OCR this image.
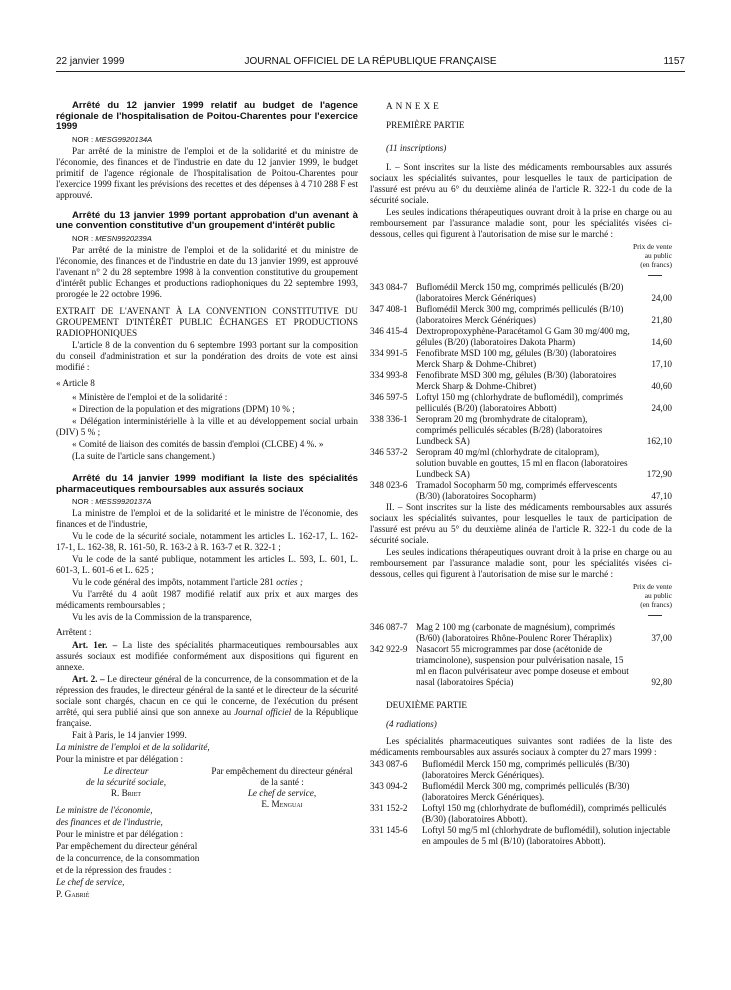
22 janvier 1999	JOURNAL OFFICIEL DE LA RÉPUBLIQUE FRANÇAISE	1157

Arrêté du 12 janvier 1999 relatif au budget de l'agence régionale de l'hospitalisation de Poitou-Charentes pour l'exercice 1999

NOR : MESG9920134A

Par arrêté de la ministre de l'emploi et de la solidarité et du ministre de l'économie, des finances et de l'industrie en date du 12 janvier 1999, le budget primitif de l'agence régionale de l'hospitalisation de Poitou-Charentes pour l'exercice 1999 fixant les prévisions des recettes et des dépenses à 4 710 288 F est approuvé.

Arrêté du 13 janvier 1999 portant approbation d'un avenant à une convention constitutive d'un groupement d'intérêt public

NOR : MESN9920239A

Par arrêté de la ministre de l'emploi et de la solidarité et du ministre de l'économie, des finances et de l'industrie en date du 13 janvier 1999, est approuvé l'avenant n° 2 du 28 septembre 1998 à la convention constitutive du groupement d'intérêt public Echanges et productions radiophoniques du 22 septembre 1993, prorogée le 22 octobre 1996.

EXTRAIT DE L'AVENANT À LA CONVENTION CONSTITUTIVE DU GROUPEMENT D'INTÉRÊT PUBLIC ÉCHANGES ET PRODUCTIONS RADIOPHONIQUES

L'article 8 de la convention du 6 septembre 1993 portant sur la composition du conseil d'administration et sur la pondération des droits de vote est ainsi modifié :

« Article 8

« Ministère de l'emploi et de la solidarité :

« Direction de la population et des migrations (DPM) 10 % ;

« Délégation interministérielle à la ville et au développement social urbain (DIV) 5 % ;

« Comité de liaison des comités de bassin d'emploi (CLCBE) 4 %. »

(La suite de l'article sans changement.)

Arrêté du 14 janvier 1999 modifiant la liste des spécialités pharmaceutiques remboursables aux assurés sociaux

NOR : MESS9920137A

La ministre de l'emploi et de la solidarité et le ministre de l'économie, des finances et de l'industrie,

Vu le code de la sécurité sociale, notamment les articles L. 162-17, L. 162-17-1, L. 162-38, R. 161-50, R. 163-2 à R. 163-7 et R. 322-1 ;

Vu le code de la santé publique, notamment les articles L. 593, L. 601, L. 601-3, L. 601-6 et L. 625 ;

Vu le code général des impôts, notamment l'article 281 octies ;

Vu l'arrêté du 4 août 1987 modifié relatif aux prix et aux marges des médicaments remboursables ;

Vu les avis de la Commission de la transparence,

Arrêtent :

Art. 1er. – La liste des spécialités pharmaceutiques remboursables aux assurés sociaux est modifiée conformément aux dispositions qui figurent en annexe.

Art. 2. – Le directeur général de la concurrence, de la consommation et de la répression des fraudes, le directeur général de la santé et le directeur de la sécurité sociale sont chargés, chacun en ce qui le concerne, de l'exécution du présent arrêté, qui sera publié ainsi que son annexe au Journal officiel de la République française.

Fait à Paris, le 14 janvier 1999.

La ministre de l'emploi et de la solidarité,

Pour la ministre et par délégation :

Le directeur
de la sécurité sociale,
R. Briet
Par empêchement du directeur général
de la santé :
Le chef de service,
E. Menguai

Le ministre de l'économie,

des finances et de l'industrie,

Pour le ministre et par délégation :

Par empêchement du directeur général

de la concurrence, de la consommation

et de la répression des fraudes :

Le chef de service,

P. Gabrié

ANNEXE

PREMIÈRE PARTIE

(11 inscriptions)

I. – Sont inscrites sur la liste des médicaments remboursables aux assurés sociaux les spécialités suivantes, pour lesquelles le taux de participation de l'assuré est prévu au 6° du deuxième alinéa de l'article R. 322-1 du code de la sécurité sociale.

Les seules indications thérapeutiques ouvrant droit à la prise en charge ou au remboursement par l'assurance maladie sont, pour les spécialités visées ci-dessous, celles qui figurent à l'autorisation de mise sur le marché :

Prix de vente
au public
(en francs)
343 084-7 Buflomédil Merck 150 mg, comprimés pelliculés (B/20) (laboratoires Merck Génériques)	24,00
347 408-1 Buflomédil Merck 300 mg, comprimés pelliculés (B/10) (laboratoires Merck Génériques)	21,80
346 415-4 Dextropropoxyphène-Paracétamol G Gam 30 mg/400 mg, gélules (B/20) (laboratoires Dakota Pharm)	14,60
334 991-5 Fenofibrate MSD 100 mg, gélules (B/30) (laboratoires Merck Sharp & Dohme-Chibret)	17,10
334 993-8 Fenofibrate MSD 300 mg, gélules (B/30) (laboratoires Merck Sharp & Dohme-Chibret)	40,60
346 597-5 Loftyl 150 mg (chlorhydrate de buflomédil), comprimés pelliculés (B/20) (laboratoires Abbott)	24,00
338 336-1 Seropram 20 mg (bromhydrate de citalopram), comprimés pelliculés sécables (B/28) (laboratoires Lundbeck SA)	162,10
346 537-2 Seropram 40 mg/ml (chlorhydrate de citalopram), solution buvable en gouttes, 15 ml en flacon (laboratoires Lundbeck SA)	172,90
348 023-6 Tramadol Socopharm 50 mg, comprimés effervescents (B/30) (laboratoires Socopharm)	47,10

II. – Sont inscrites sur la liste des médicaments remboursables aux assurés sociaux les spécialités suivantes, pour lesquelles le taux de participation de l'assuré est prévu au 5° du deuxième alinéa de l'article R. 322-1 du code de la sécurité sociale.

Les seules indications thérapeutiques ouvrant droit à la prise en charge ou au remboursement par l'assurance maladie sont, pour les spécialités visées ci-dessous, celles qui figurent à l'autorisation de mise sur le marché :

Prix de vente
au public
(en francs)
346 087-7 Mag 2 100 mg (carbonate de magnésium), comprimés (B/60) (laboratoires Rhône-Poulenc Rorer Théraplix)	37,00
342 922-9 Nasacort 55 microgrammes par dose (acétonide de triamcinolone), suspension pour pulvérisation nasale, 15 ml en flacon pulvérisateur avec pompe doseuse et embout nasal (laboratoires Spécia)	92,80

DEUXIÈME PARTIE

(4 radiations)

Les spécialités pharmaceutiques suivantes sont radiées de la liste des médicaments remboursables aux assurés sociaux à compter du 27 mars 1999 :

343 087-6	Buflomédil Merck 150 mg, comprimés pelliculés (B/30) (laboratoires Merck Génériques).
343 094-2	Buflomédil Merck 300 mg, comprimés pelliculés (B/30) (laboratoires Merck Génériques).
331 152-2	Loftyl 150 mg (chlorhydrate de buflomédil), comprimés pelliculés (B/30) (laboratoires Abbott).
331 145-6	Loftyl 50 mg/5 ml (chlorhydrate de buflomédil), solution injectable en ampoules de 5 ml (B/10) (laboratoires Abbott).
